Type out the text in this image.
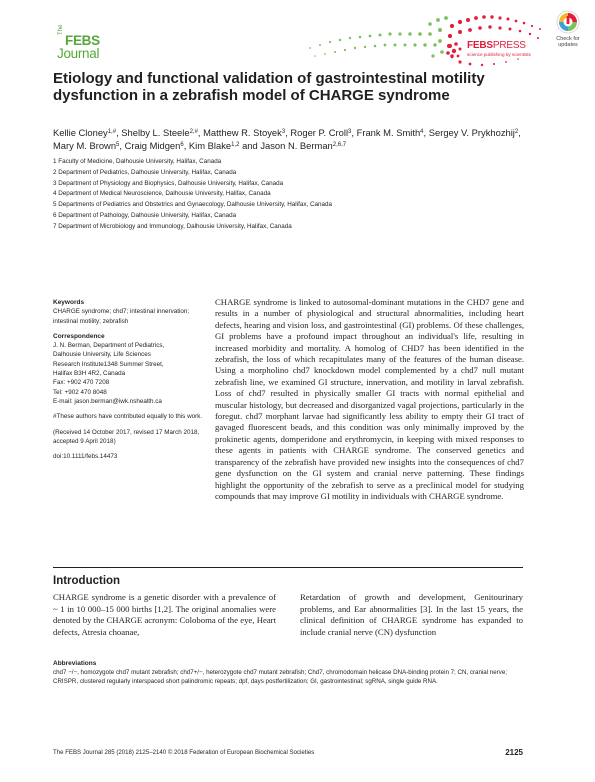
The
FEBS
Journal
FEBSPRESS
science publishing by scientists
Check for
updates
Etiology and functional validation of gastrointestinal motility dysfunction in a zebrafish model of CHARGE syndrome
Kellie Cloney$^{1,\#}$, Shelby L. Steele$^{2,\#}$, Matthew R. Stoyek$^3$, Roger P. Croll$^3$, Frank M. Smith$^4$, Sergey V. Prykhozhij$^2$, Mary M. Brown$^5$, Craig Midgen$^6$, Kim Blake$^{1,2}$ and Jason N. Berman$^{2,6,7}$
1 Faculty of Medicine, Dalhousie University, Halifax, Canada
2 Department of Pediatrics, Dalhousie University, Halifax, Canada
3 Department of Physiology and Biophysics, Dalhousie University, Halifax, Canada
4 Department of Medical Neuroscience, Dalhousie University, Halifax, Canada
5 Departments of Pediatrics and Obstetrics and Gynaecology, Dalhousie University, Halifax, Canada
6 Department of Pathology, Dalhousie University, Halifax, Canada
7 Department of Microbiology and Immunology, Dalhousie University, Halifax, Canada

Keywords

CHARGE syndrome; chd7; intestinal innervation; intestinal motility; zebrafish

Correspondence

J. N. Berman, Department of Pediatrics,

Dalhousie University, Life Sciences

Research Institute1348 Summer Street,

Halifax B3H 4R2, Canada

Fax: +902 470 7208

Tel: +902 470 8048

E-mail: jason.berman@iwk.nshealth.ca

#These authors have contributed equally to this work.

(Received 14 October 2017, revised 17 March 2018, accepted 9 April 2018)

doi:10.1111/febs.14473

CHARGE syndrome is linked to autosomal-dominant mutations in the CHD7 gene and results in a number of physiological and structural abnormalities, including heart defects, hearing and vision loss, and gastrointestinal (GI) problems. Of these challenges, GI problems have a profound impact throughout an individual's life, resulting in increased morbidity and mortality. A homolog of CHD7 has been identified in the zebrafish, the loss of which recapitulates many of the features of the human disease. Using a morpholino chd7 knockdown model complemented by a chd7 null mutant zebrafish line, we examined GI structure, innervation, and motility in larval zebrafish. Loss of chd7 resulted in physically smaller GI tracts with normal epithelial and muscular histology, but decreased and disorganized vagal projections, particularly in the foregut. chd7 morphant larvae had significantly less ability to empty their GI tract of gavaged fluorescent beads, and this condition was only minimally improved by the prokinetic agents, domperidone and erythromycin, in keeping with mixed responses to these agents in patients with CHARGE syndrome. The conserved genetics and transparency of the zebrafish have provided new insights into the consequences of chd7 gene dysfunction on the GI system and cranial nerve patterning. These findings highlight the opportunity of the zebrafish to serve as a preclinical model for studying compounds that may improve GI motility in individuals with CHARGE syndrome.
Introduction
CHARGE syndrome is a genetic disorder with a prevalence of ~ 1 in 10 000–15 000 births [1,2]. The original anomalies were denoted by the CHARGE acronym: Coloboma of the eye, Heart defects, Atresia choanae,
Retardation of growth and development, Genitourinary problems, and Ear abnormalities [3]. In the last 15 years, the clinical definition of CHARGE syndrome has expanded to include cranial nerve (CN) dysfunction
Abbreviations
chd7 −/−, homozygote chd7 mutant zebrafish; chd7+/−, heterozygote chd7 mutant zebrafish; Chd7, chromodomain helicase DNA-binding protein 7; CN, cranial nerve; CRISPR, clustered regularly interspaced short palindromic repeats; dpf, days postfertilization; GI, gastrointestinal; sgRNA, single guide RNA.
The FEBS Journal 285 (2018) 2125–2140 © 2018 Federation of European Biochemical Societies	2125
